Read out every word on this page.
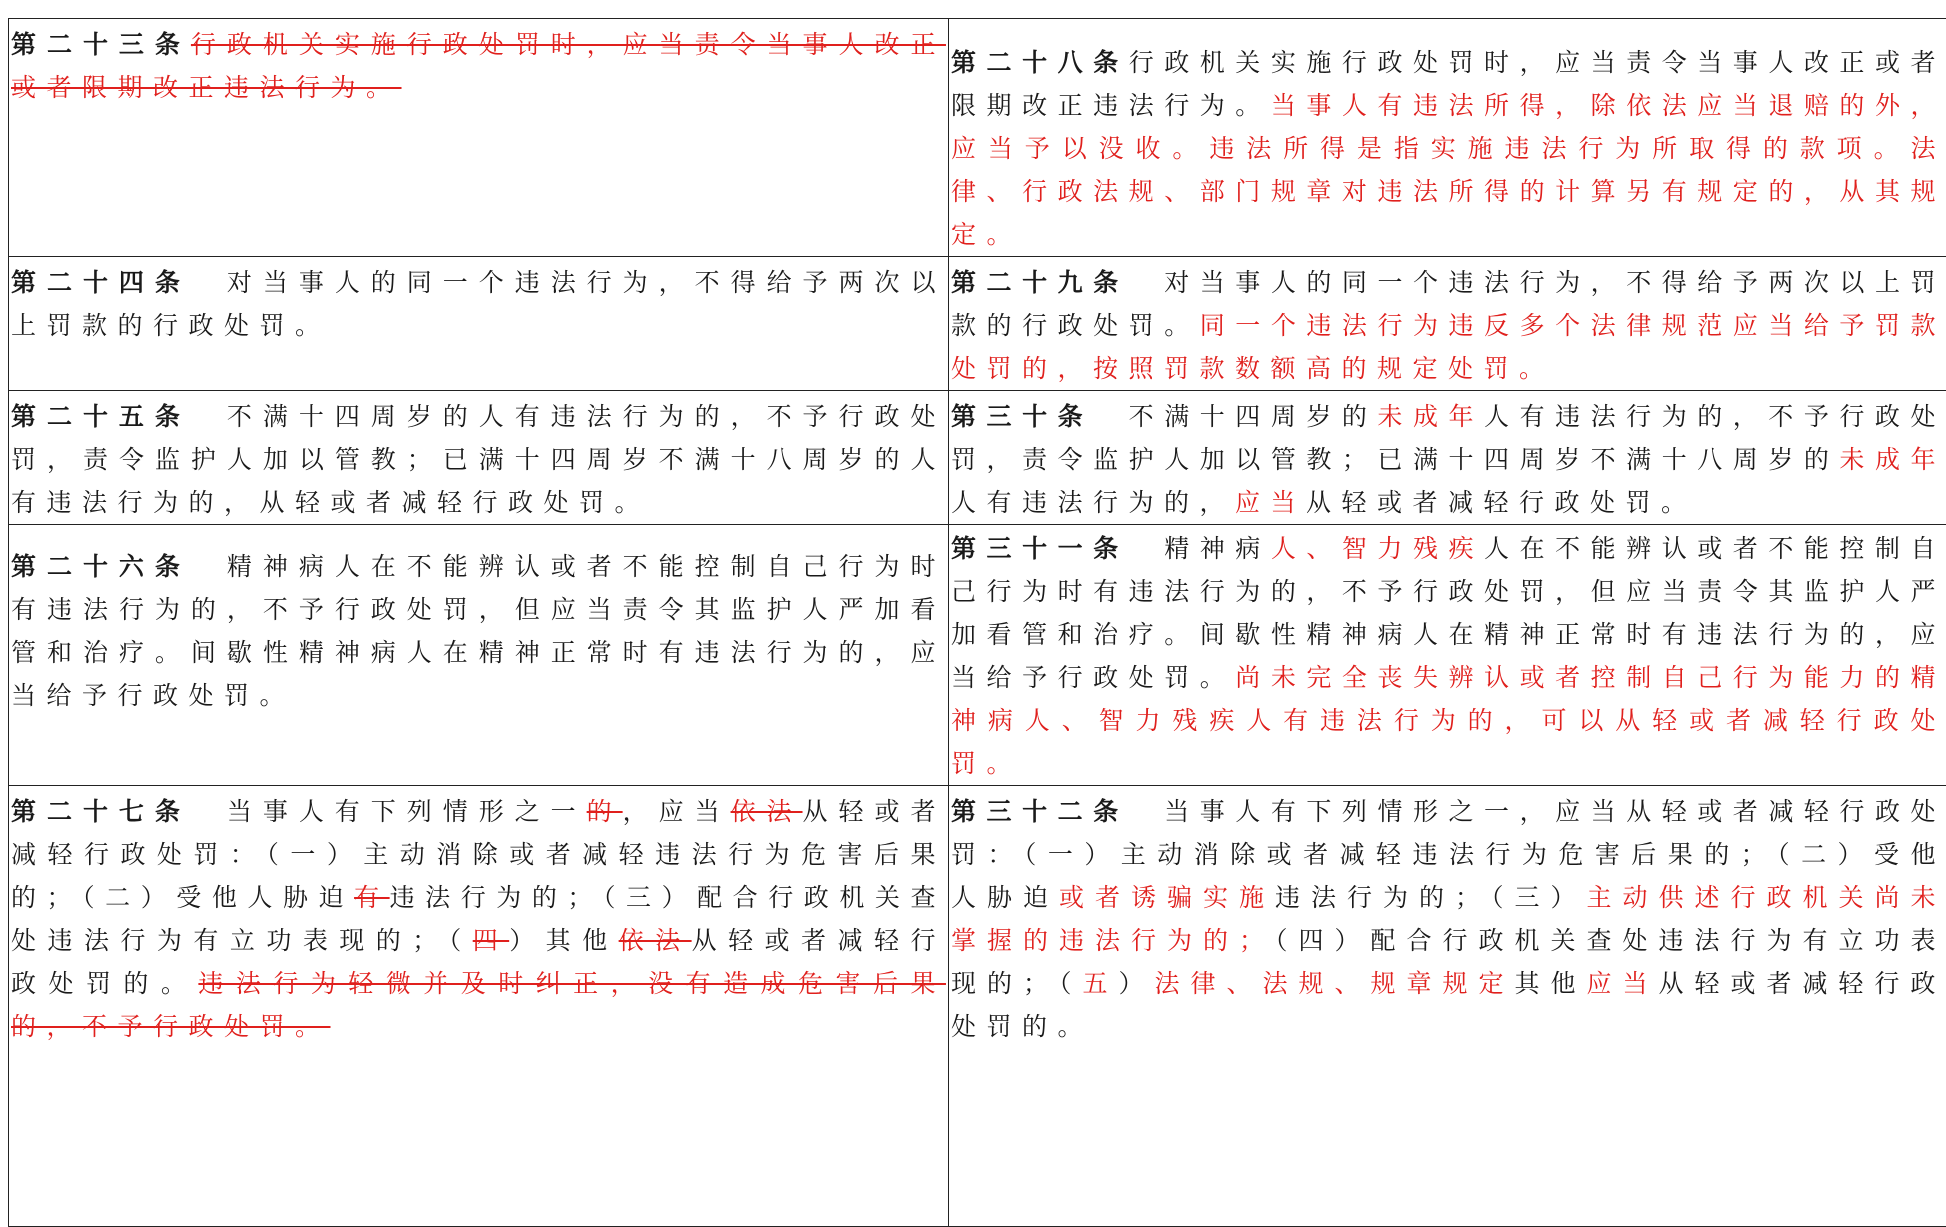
第二十三条行政机关实施行政处罚时，应当责令当事人改正或者限期改正违法行为。	第二十八条行政机关实施行政处罚时，应当责令当事人改正或者限期改正违法行为。当事人有违法所得，除依法应当退赔的外，应当予以没收。违法所得是指实施违法行为所取得的款项。法律、行政法规、部门规章对违法所得的计算另有规定的，从其规定。
第二十四条　对当事人的同一个违法行为，不得给予两次以上罚款的行政处罚。	第二十九条　对当事人的同一个违法行为，不得给予两次以上罚款的行政处罚。同一个违法行为违反多个法律规范应当给予罚款处罚的，按照罚款数额高的规定处罚。
第二十五条　不满十四周岁的人有违法行为的，不予行政处罚，责令监护人加以管教；已满十四周岁不满十八周岁的人有违法行为的，从轻或者减轻行政处罚。	第三十条　不满十四周岁的未成年人有违法行为的，不予行政处罚，责令监护人加以管教；已满十四周岁不满十八周岁的未成年人有违法行为的，应当从轻或者减轻行政处罚。
第二十六条　精神病人在不能辨认或者不能控制自己行为时有违法行为的，不予行政处罚，但应当责令其监护人严加看管和治疗。间歇性精神病人在精神正常时有违法行为的，应当给予行政处罚。	第三十一条　精神病人、智力残疾人在不能辨认或者不能控制自己行为时有违法行为的，不予行政处罚，但应当责令其监护人严加看管和治疗。间歇性精神病人在精神正常时有违法行为的，应当给予行政处罚。尚未完全丧失辨认或者控制自己行为能力的精神病人、智力残疾人有违法行为的，可以从轻或者减轻行政处罚。
第二十七条　当事人有下列情形之一的，应当依法从轻或者减轻行政处罚：（一）主动消除或者减轻违法行为危害后果的；（二）受他人胁迫有违法行为的；（三）配合行政机关查处违法行为有立功表现的；（四）其他依法从轻或者减轻行政处罚的。违法行为轻微并及时纠正，没有造成危害后果的，不予行政处罚。	第三十二条　当事人有下列情形之一，应当从轻或者减轻行政处罚：（一）主动消除或者减轻违法行为危害后果的；（二）受他人胁迫或者诱骗实施违法行为的；（三）主动供述行政机关尚未掌握的违法行为的；（四）配合行政机关查处违法行为有立功表现的；（五）法律、法规、规章规定其他应当从轻或者减轻行政处罚的。
